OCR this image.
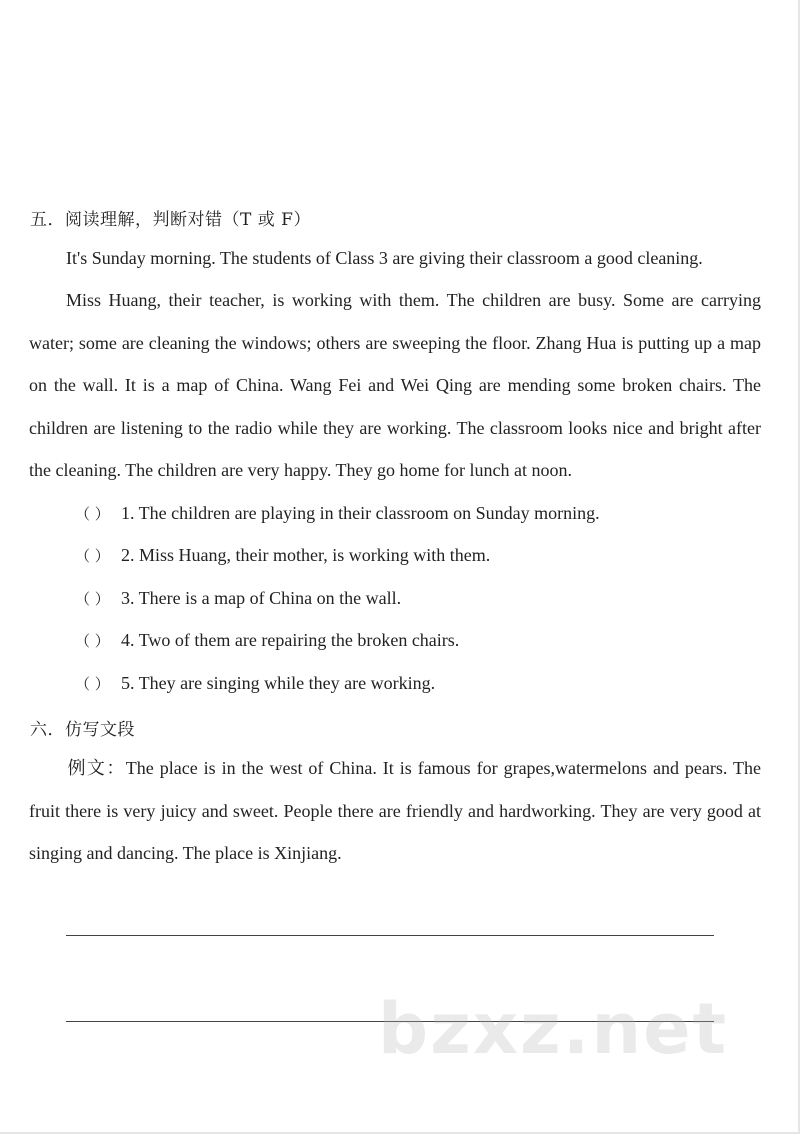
五．阅读理解，判断对错（T 或 F）

It's Sunday morning. The students of Class 3 are giving their classroom a good cleaning.

Miss Huang, their teacher, is working with them. The children are busy. Some are carrying water; some are cleaning the windows; others are sweeping the floor. Zhang Hua is putting up a map on the wall. It is a map of China. Wang Fei and Wei Qing are mending some broken chairs. The children are listening to the radio while they are working. The classroom looks nice and bright after the cleaning. The children are very happy. They go home for lunch at noon.

（ ） 1. The children are playing in their classroom on Sunday morning.
（ ） 2. Miss Huang, their mother, is working with them.
（ ） 3. There is a map of China on the wall.
（ ） 4. Two of them are repairing the broken chairs.
（ ） 5. They are singing while they are working.
六．仿写文段

例文：The place is in the west of China. It is famous for grapes,watermelons and pears. The fruit there is very juicy and sweet. People there are friendly and hardworking. They are very good at singing and dancing. The place is Xinjiang.

bzxz.net
